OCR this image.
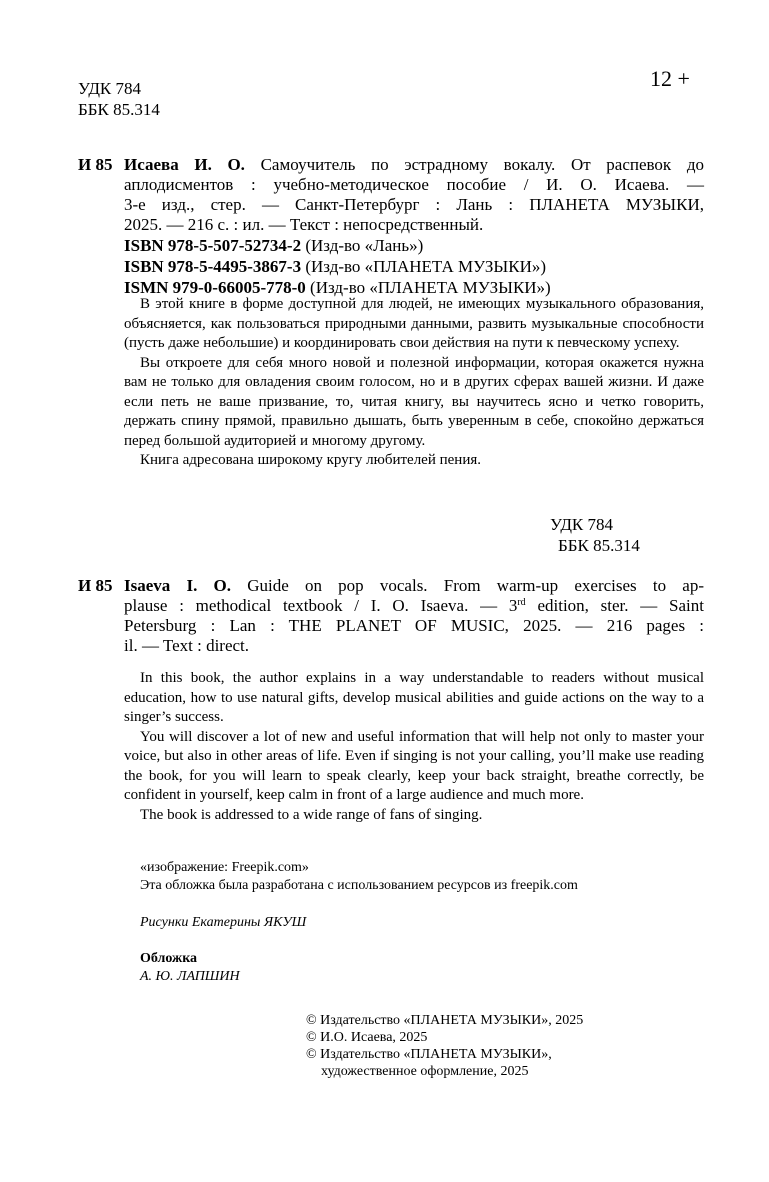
УДК 784
ББК 85.314
12 +
И 85 Исаева И. О. Самоучитель по эстрадному вокалу. От распевок до
аплодисментов : учебно-методическое пособие / И. О. Исаева. —
3-е изд., стер. — Санкт-Петербург : Лань : ПЛАНЕТА МУЗЫКИ,
2025. — 216 с. : ил. — Текст : непосредственный.
ISBN 978-5-507-52734-2 (Изд-во «Лань»)
ISBN 978-5-4495-3867-3 (Изд-во «ПЛАНЕТА МУЗЫКИ»)
ISMN 979-0-66005-778-0 (Изд-во «ПЛАНЕТА МУЗЫКИ»)

В этой книге в форме доступной для людей, не имеющих музыкального образования, объясняется, как пользоваться природными данными, развить музыкальные способности (пусть даже небольшие) и координировать свои действия на пути к певческому успеху.

Вы откроете для себя много новой и полезной информации, которая окажется нужна вам не только для овладения своим голосом, но и в других сферах вашей жизни. И даже если петь не ваше призвание, то, читая книгу, вы научитесь ясно и четко говорить, держать спину прямой, правильно дышать, быть уверенным в себе, спокойно держаться перед большой аудиторией и многому другому.

Книга адресована широкому кругу любителей пения.

УДК 784
ББК 85.314
И 85 Isaeva I. O. Guide on pop vocals. From warm-up exercises to ap-
plause : methodical textbook / I. O. Isaeva. — 3rd edition, ster. — Saint
Petersburg : Lan : THE PLANET OF MUSIC, 2025. — 216 pages :
il. — Text : direct.

In this book, the author explains in a way understandable to readers without musical education, how to use natural gifts, develop musical abilities and guide actions on the way to a singer’s success.

You will discover a lot of new and useful information that will help not only to master your voice, but also in other areas of life. Even if singing is not your calling, you’ll make use reading the book, for you will learn to speak clearly, keep your back straight, breathe correctly, be confident in yourself, keep calm in front of a large audience and much more.

The book is addressed to a wide range of fans of singing.

«изображение: Freepik.com»
Эта обложка была разработана с использованием ресурсов из freepik.com
Рисунки Екатерины ЯКУШ
Обложка
А. Ю. ЛАПШИН
© Издательство «ПЛАНЕТА МУЗЫКИ», 2025
© И.О. Исаева, 2025
© Издательство «ПЛАНЕТА МУЗЫКИ»,
художественное оформление, 2025
